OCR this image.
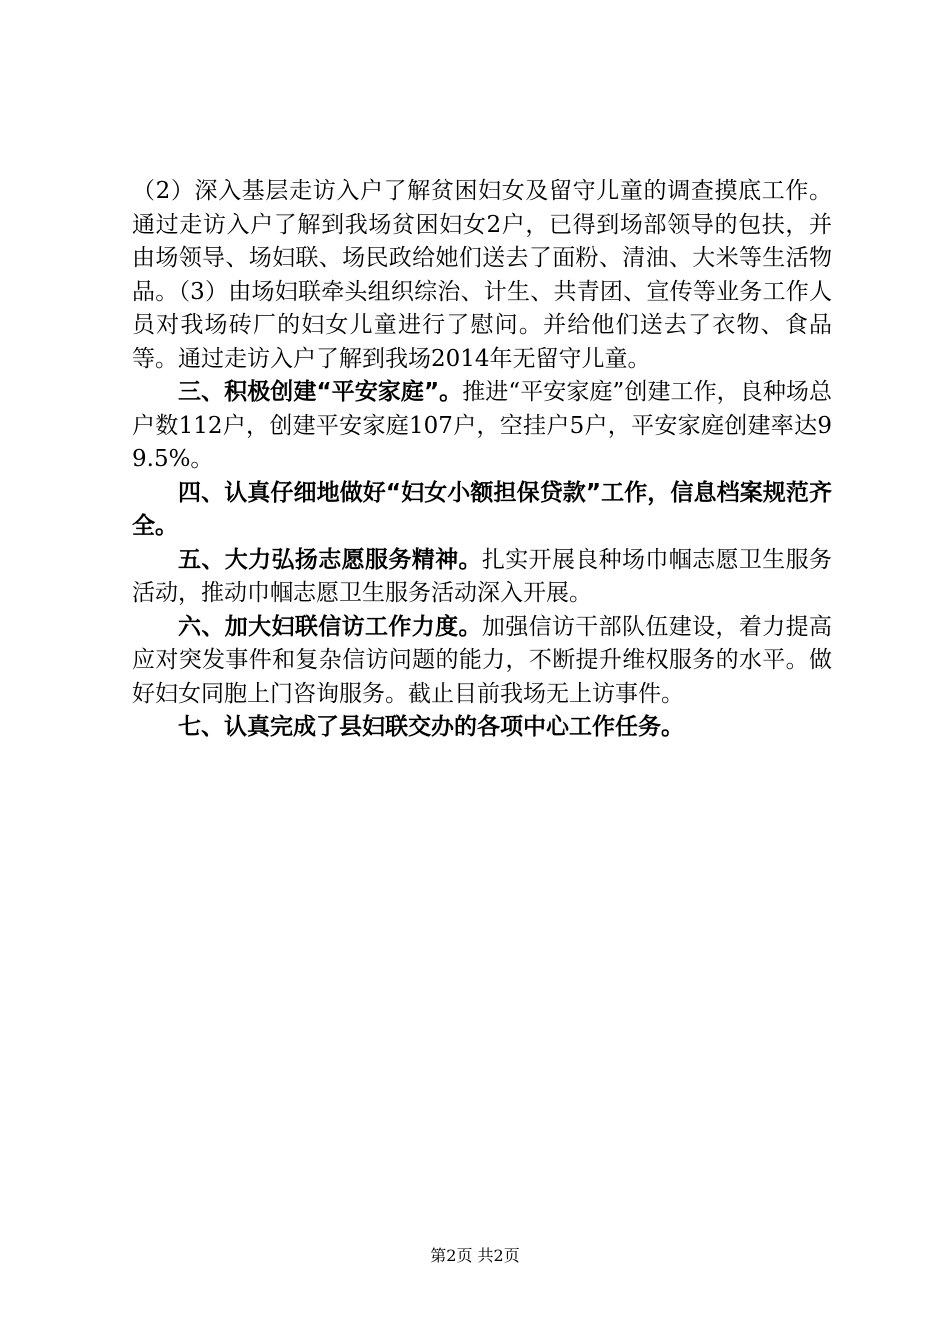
（2）深入基层走访入户了解贫困妇女及留守儿童的调查摸底工作。通过走访入户了解到我场贫困妇女2户，已得到场部领导的包扶，并由场领导、场妇联、场民政给她们送去了面粉、清油、大米等生活物品。（3）由场妇联牵头组织综治、计生、共青团、宣传等业务工作人员对我场砖厂的妇女儿童进行了慰问。并给他们送去了衣物、食品等。通过走访入户了解到我场2014年无留守儿童。

三、积极创建“平安家庭”。推进“平安家庭”创建工作，良种场总户数112户，创建平安家庭107户，空挂户5户，平安家庭创建率达99.5%。

四、认真仔细地做好“妇女小额担保贷款”工作，信息档案规范齐全。

五、大力弘扬志愿服务精神。扎实开展良种场巾帼志愿卫生服务活动，推动巾帼志愿卫生服务活动深入开展。

六、加大妇联信访工作力度。加强信访干部队伍建设，着力提高应对突发事件和复杂信访问题的能力，不断提升维权服务的水平。做好妇女同胞上门咨询服务。截止目前我场无上访事件。

七、认真完成了县妇联交办的各项中心工作任务。

第2页 共2页
